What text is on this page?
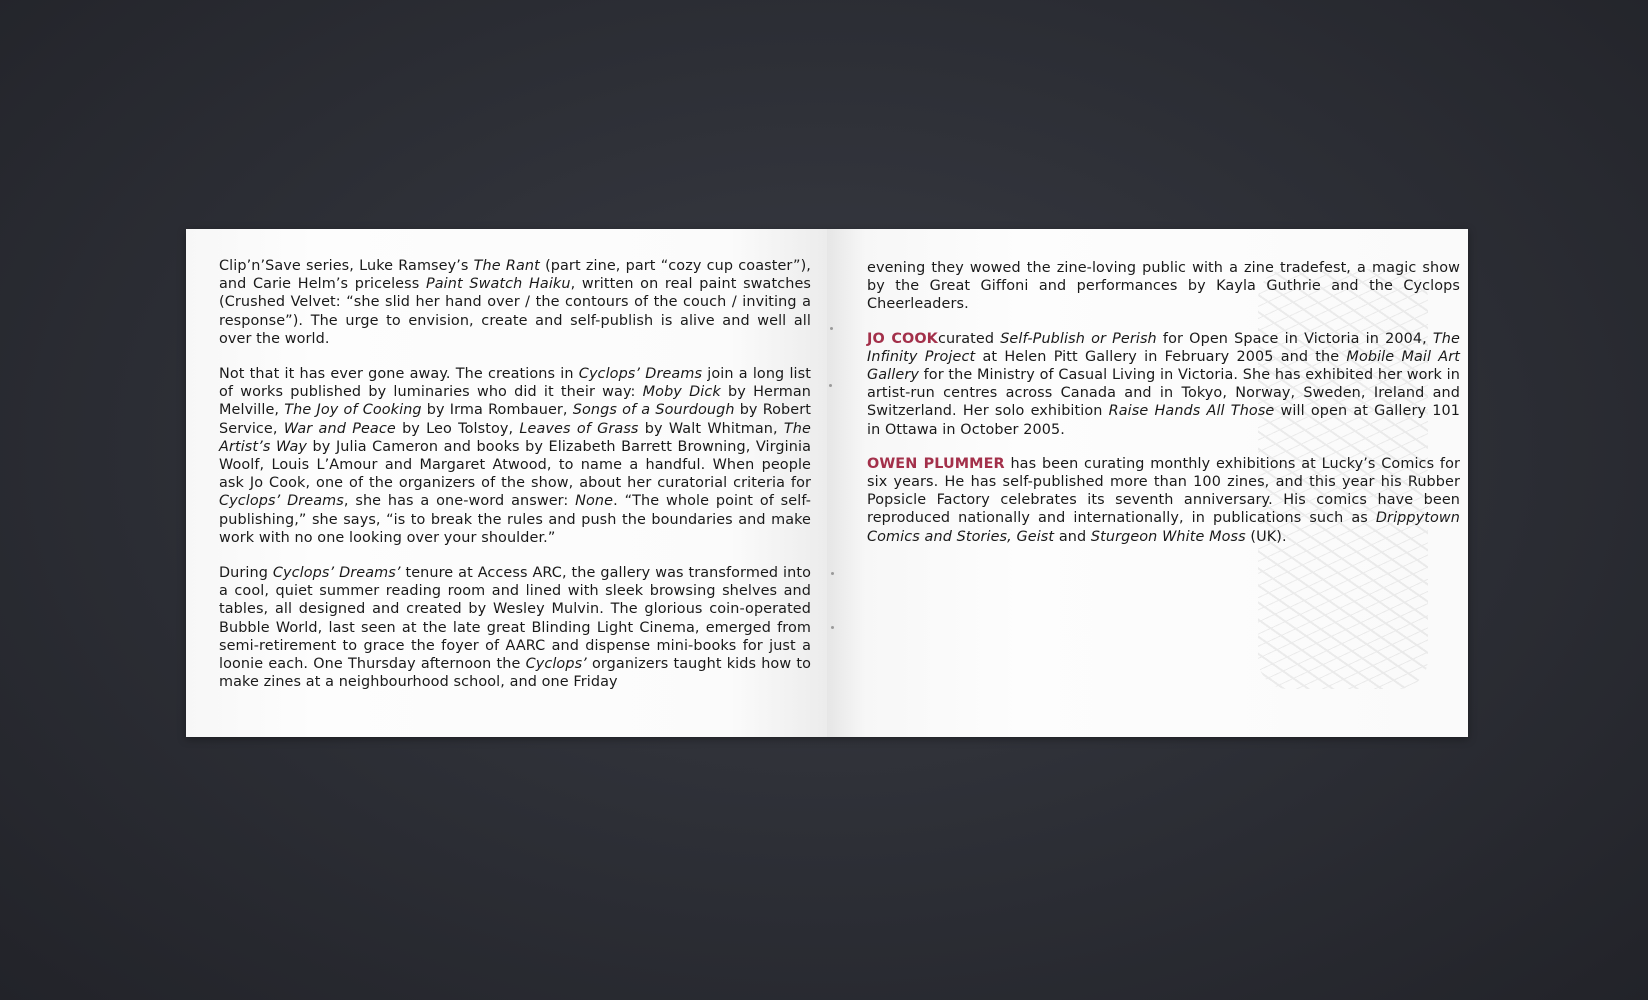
Clip’n’Save series, Luke Ramsey’s The Rant (part zine, part “cozy cup coaster”), and Carie Helm’s priceless Paint Swatch Haiku, written on real paint swatches (Crushed Velvet: “she slid her hand over / the contours of the couch / inviting a response”). The urge to envision, create and self-publish is alive and well all over the world.

Not that it has ever gone away. The creations in Cyclops’ Dreams join a long list of works published by luminaries who did it their way: Moby Dick by Herman Melville, The Joy of Cooking by Irma Rombauer, Songs of a Sourdough by Robert Service, War and Peace by Leo Tolstoy, Leaves of Grass by Walt Whitman, The Artist’s Way by Julia Cameron and books by Elizabeth Barrett Browning, Virginia Woolf, Louis L’Amour and Margaret Atwood, to name a handful. When people ask Jo Cook, one of the organizers of the show, about her curatorial criteria for Cyclops’ Dreams, she has a one-word answer: None. “The whole point of self-publishing,” she says, “is to break the rules and push the boundaries and make work with no one looking over your shoulder.”

During Cyclops’ Dreams’ tenure at Access ARC, the gallery was transformed into a cool, quiet summer reading room and lined with sleek browsing shelves and tables, all designed and created by Wesley Mulvin. The glorious coin-operated Bubble World, last seen at the late great Blinding Light Cinema, emerged from semi-retirement to grace the foyer of AARC and dispense mini-books for just a loonie each. One Thursday afternoon the Cyclops’ organizers taught kids how to make zines at a neighbourhood school, and one Friday

evening they wowed the zine-loving public with a zine tradefest, a magic show by the Great Giffoni and performances by Kayla Guthrie and the Cyclops Cheerleaders.

JO COOKcurated Self-Publish or Perish for Open Space in Victoria in 2004, The Infinity Project at Helen Pitt Gallery in February 2005 and the Mobile Mail Art Gallery for the Ministry of Casual Living in Victoria. She has exhibited her work in artist-run centres across Canada and in Tokyo, Norway, Sweden, Ireland and Switzerland. Her solo exhibition Raise Hands All Those will open at Gallery 101 in Ottawa in October 2005.

OWEN PLUMMER has been curating monthly exhibitions at Lucky’s Comics for six years. He has self-published more than 100 zines, and this year his Rubber Popsicle Factory celebrates its seventh anniversary. His comics have been reproduced nationally and internationally, in publications such as Drippytown Comics and Stories, Geist and Sturgeon White Moss (UK).
